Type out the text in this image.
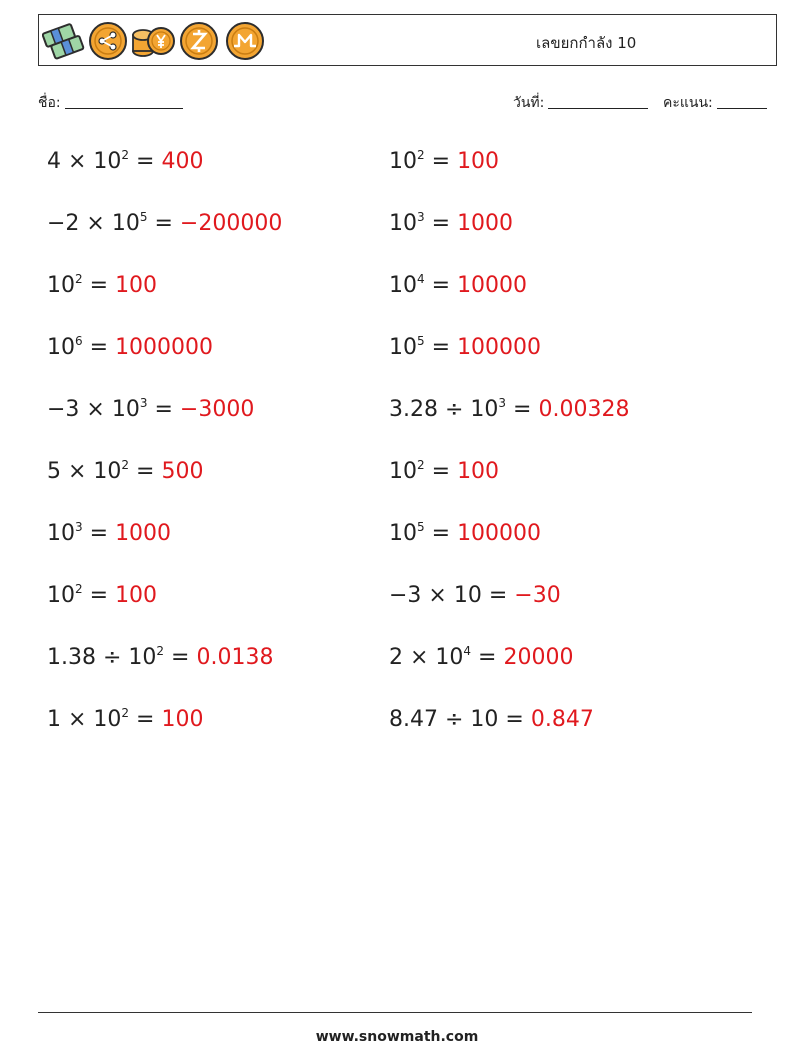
เลขยกกำลัง 10
ชื่อ:	วันที่:	คะแนน:
$4 \times 10^2 = 400$	$10^2 = 100$
$-2 \times 10^5 = -200000$	$10^3 = 1000$
$10^2 = 100$	$10^4 = 10000$
$10^6 = 1000000$	$10^5 = 100000$
$-3 \times 10^3 = -3000$	$3.28 \div 10^3 = 0.00328$
$5 \times 10^2 = 500$	$10^2 = 100$
$10^3 = 1000$	$10^5 = 100000$
$10^2 = 100$	−3 × 10 = −30
$1.38 \div 10^2 = 0.0138$	$2 \times 10^4 = 20000$
$1 \times 10^2 = 100$	8.47 ÷ 10 = 0.847
www.snowmath.com
